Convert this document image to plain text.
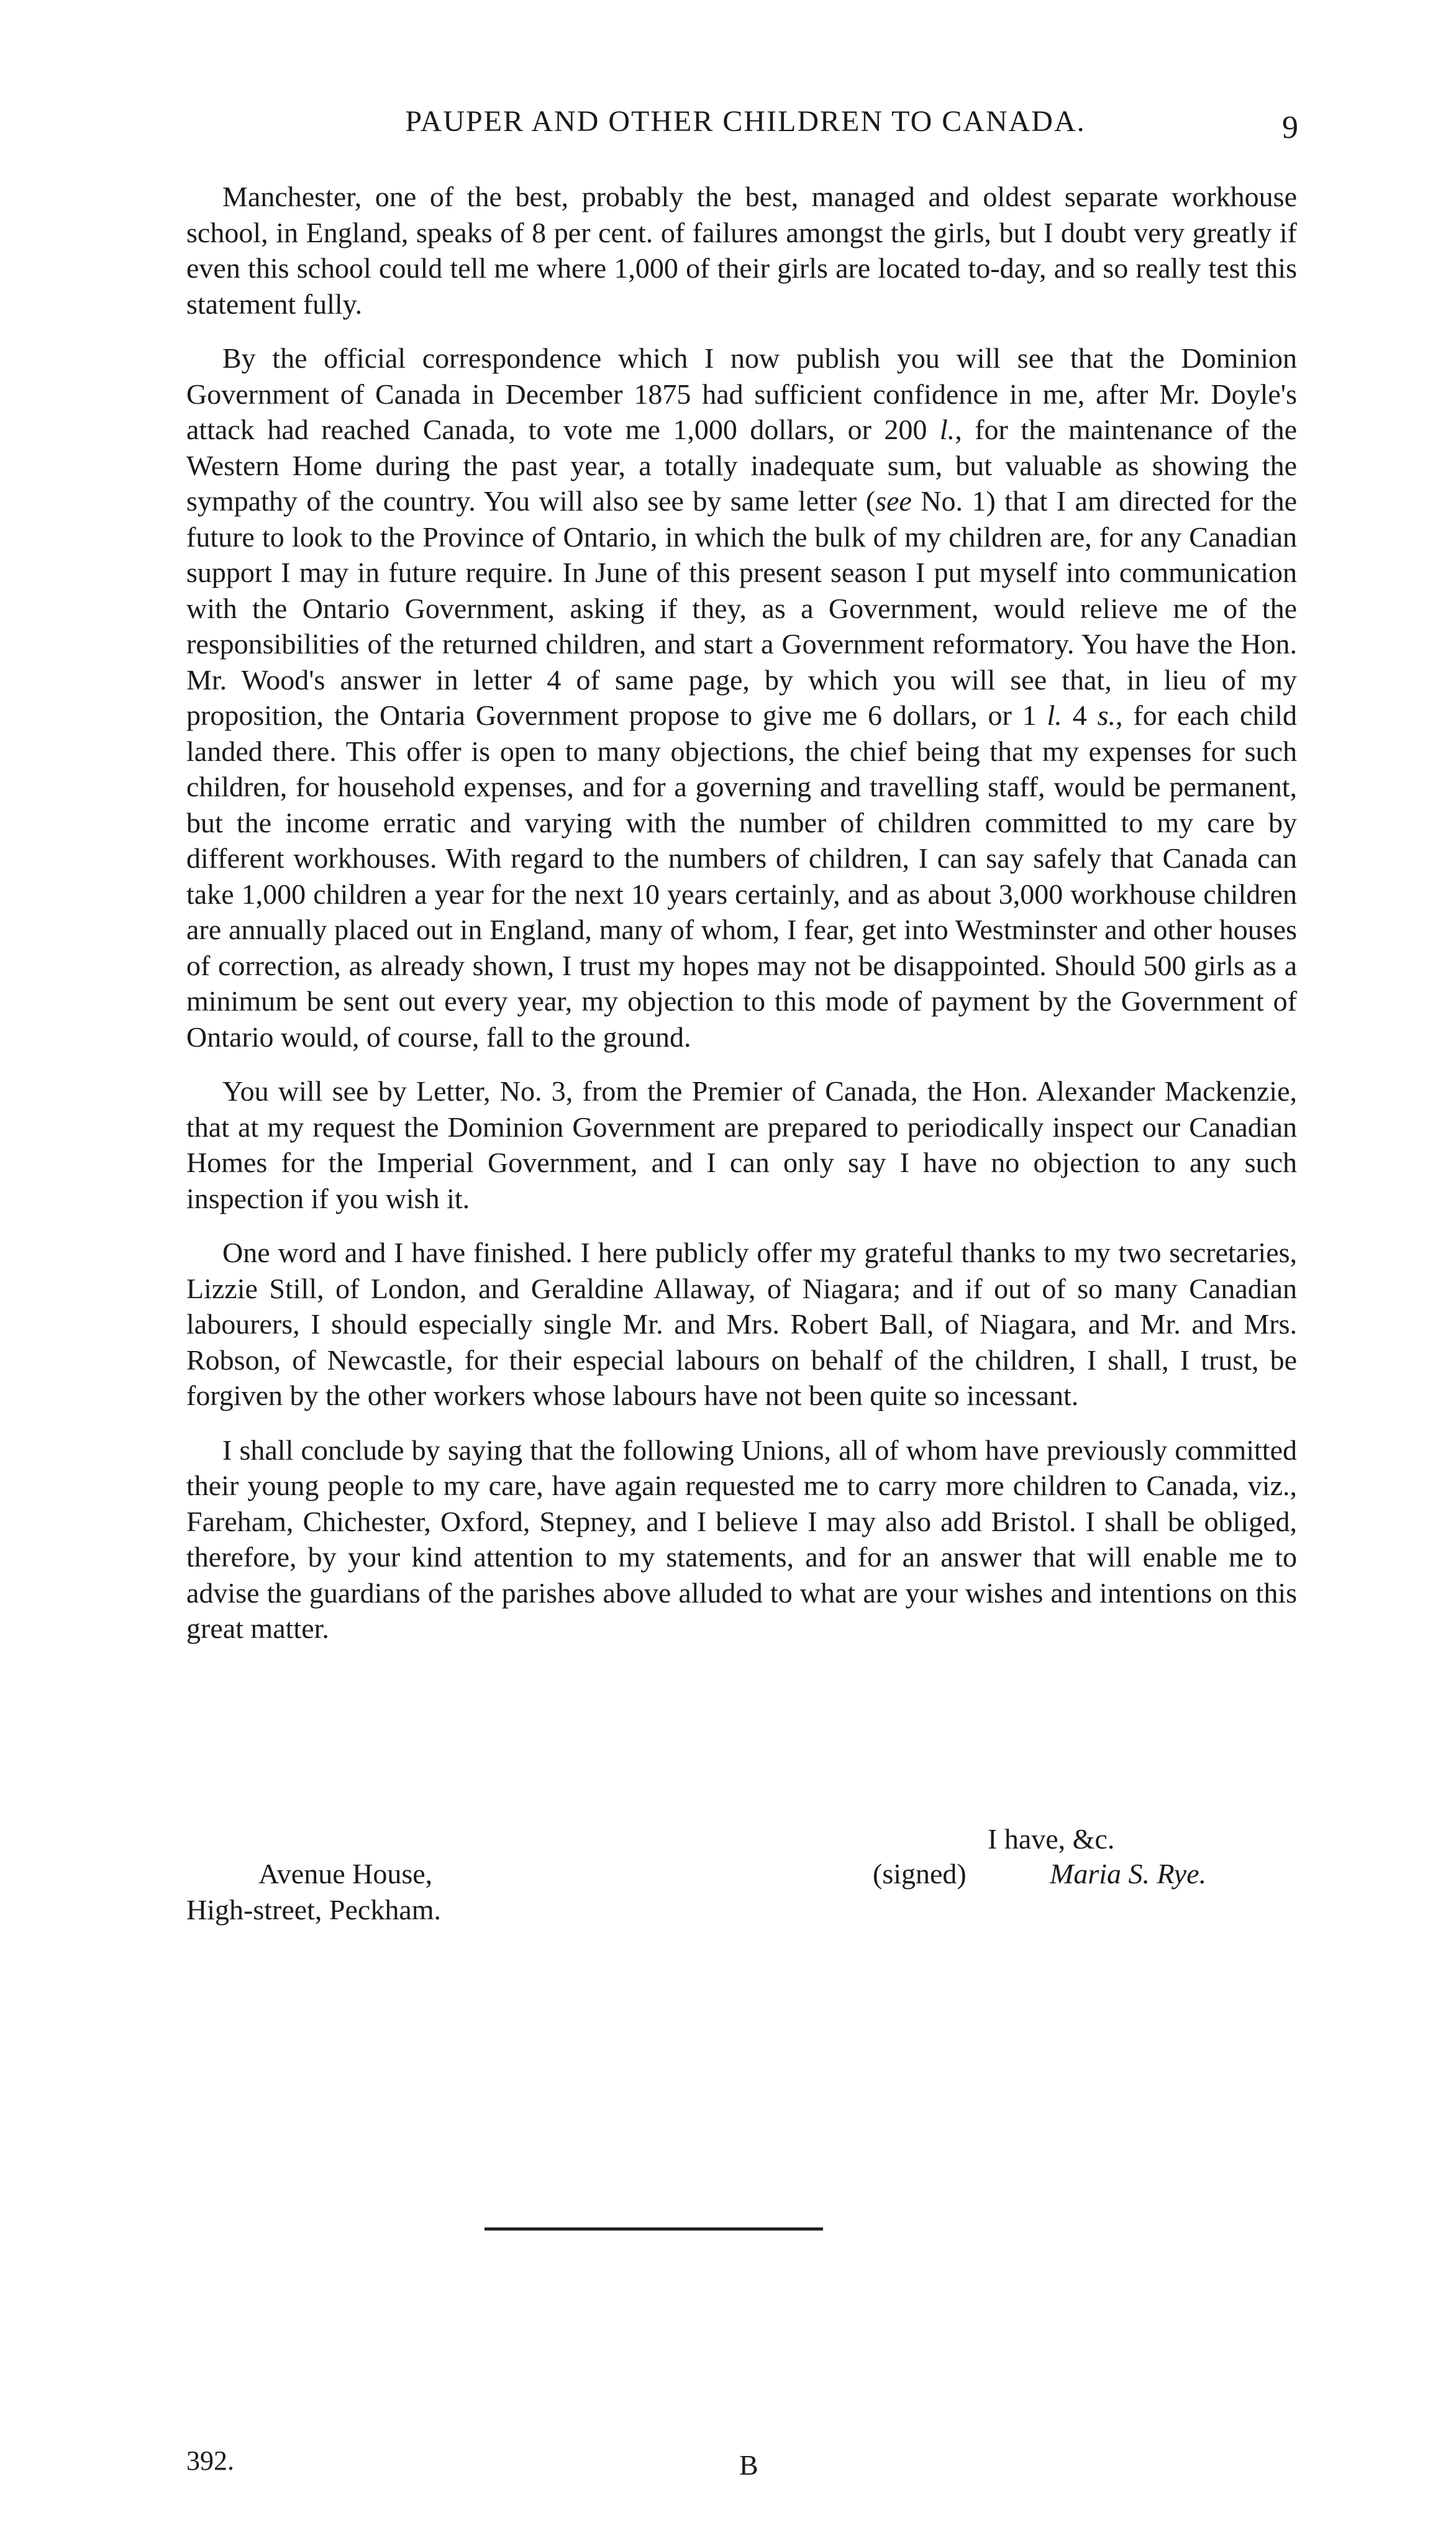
PAUPER AND OTHER CHILDREN TO CANADA.	9

Manchester, one of the best, probably the best, managed and oldest separate workhouse school, in England, speaks of 8 per cent. of failures amongst the girls, but I doubt very greatly if even this school could tell me where 1,000 of their girls are located to-day, and so really test this statement fully.

By the official correspondence which I now publish you will see that the Dominion Government of Canada in December 1875 had sufficient confidence in me, after Mr. Doyle's attack had reached Canada, to vote me 1,000 dollars, or 200 l., for the maintenance of the Western Home during the past year, a totally inadequate sum, but valuable as showing the sympathy of the country. You will also see by same letter (see No. 1) that I am directed for the future to look to the Province of Ontario, in which the bulk of my children are, for any Canadian support I may in future require. In June of this present season I put myself into communication with the Ontario Government, asking if they, as a Government, would relieve me of the responsibilities of the returned children, and start a Government reformatory. You have the Hon. Mr. Wood's answer in letter 4 of same page, by which you will see that, in lieu of my proposition, the Ontaria Government propose to give me 6 dollars, or 1 l. 4 s., for each child landed there. This offer is open to many objections, the chief being that my expenses for such children, for household expenses, and for a governing and travelling staff, would be permanent, but the income erratic and varying with the number of children committed to my care by different workhouses. With regard to the numbers of children, I can say safely that Canada can take 1,000 children a year for the next 10 years certainly, and as about 3,000 workhouse children are annually placed out in England, many of whom, I fear, get into Westminster and other houses of correction, as already shown, I trust my hopes may not be disappointed. Should 500 girls as a minimum be sent out every year, my objection to this mode of payment by the Government of Ontario would, of course, fall to the ground.

You will see by Letter, No. 3, from the Premier of Canada, the Hon. Alexander Mackenzie, that at my request the Dominion Government are prepared to periodically inspect our Canadian Homes for the Imperial Government, and I can only say I have no objection to any such inspection if you wish it.

One word and I have finished. I here publicly offer my grateful thanks to my two secretaries, Lizzie Still, of London, and Geraldine Allaway, of Niagara; and if out of so many Canadian labourers, I should especially single Mr. and Mrs. Robert Ball, of Niagara, and Mr. and Mrs. Robson, of Newcastle, for their especial labours on behalf of the children, I shall, I trust, be forgiven by the other workers whose labours have not been quite so incessant.

I shall conclude by saying that the following Unions, all of whom have previously committed their young people to my care, have again requested me to carry more children to Canada, viz., Fareham, Chichester, Oxford, Stepney, and I believe I may also add Bristol. I shall be obliged, therefore, by your kind attention to my statements, and for an answer that will enable me to advise the guardians of the parishes above alluded to what are your wishes and intentions on this great matter.

I have, &c.
Avenue House,
High-street, Peckham.
(signed)	Maria S. Rye.
392.	B
